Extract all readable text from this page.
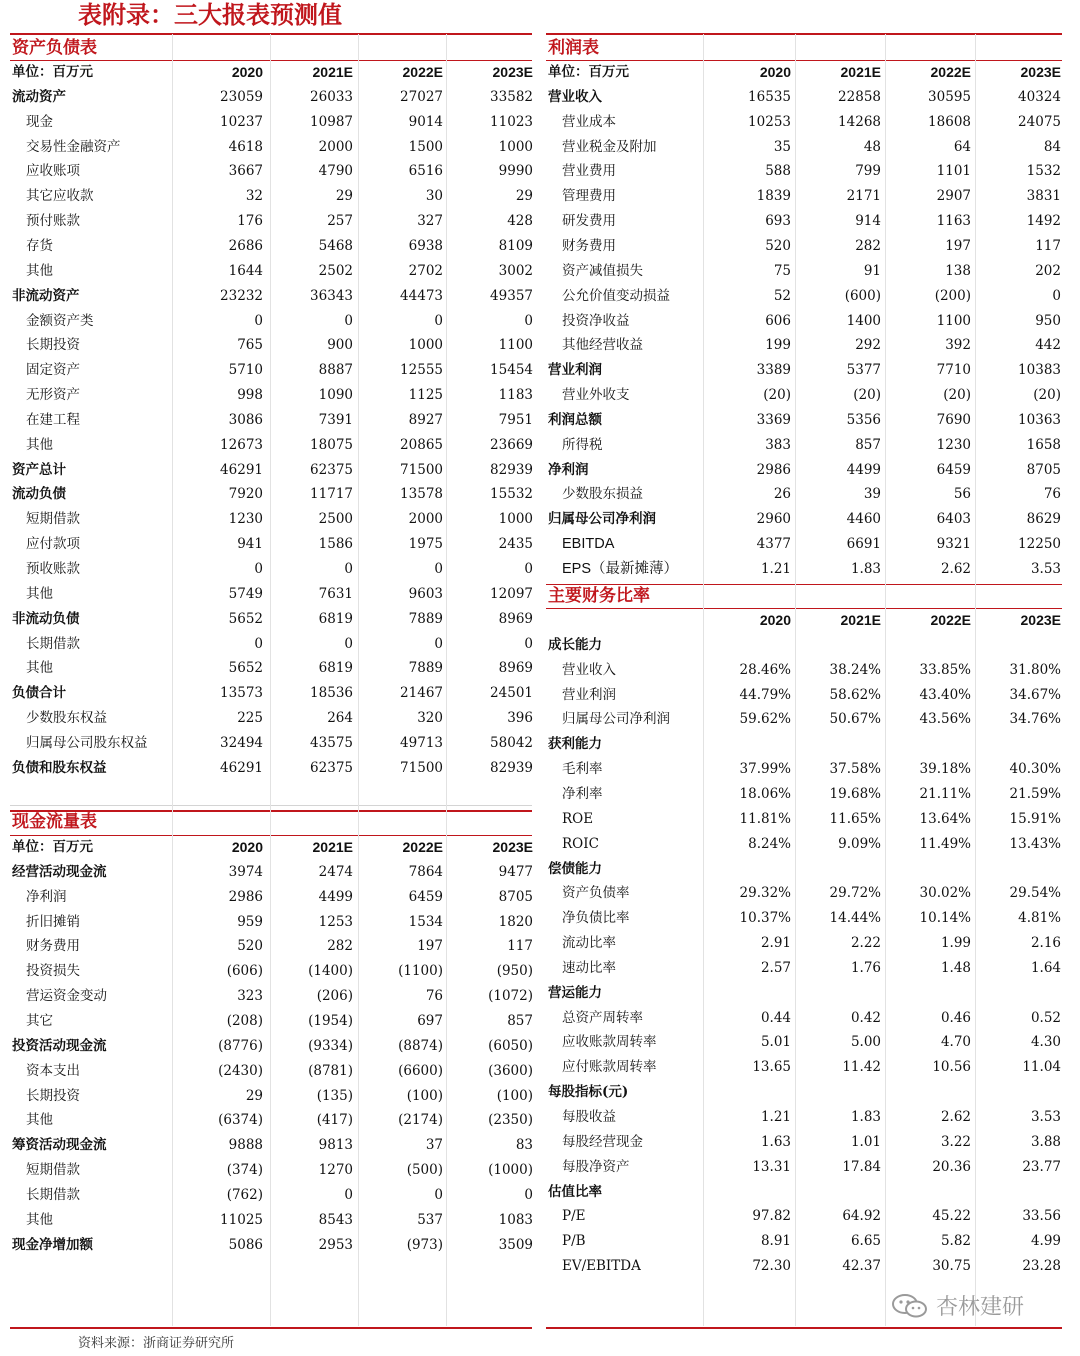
表附录：三大报表预测值
资产负债表
现金流量表
利润表
主要财务比率
单位：百万元	2020	2021E	2022E	2023E
流动资产	23059	26033	27027	33582
现金	10237	10987	9014	11023
交易性金融资产	4618	2000	1500	1000
应收账项	3667	4790	6516	9990
其它应收款	32	29	30	29
预付账款	176	257	327	428
存货	2686	5468	6938	8109
其他	1644	2502	2702	3002
非流动资产	23232	36343	44473	49357
金额资产类	0	0	0	0
长期投资	765	900	1000	1100
固定资产	5710	8887	12555	15454
无形资产	998	1090	1125	1183
在建工程	3086	7391	8927	7951
其他	12673	18075	20865	23669
资产总计	46291	62375	71500	82939
流动负债	7920	11717	13578	15532
短期借款	1230	2500	2000	1000
应付款项	941	1586	1975	2435
预收账款	0	0	0	0
其他	5749	7631	9603	12097
非流动负债	5652	6819	7889	8969
长期借款	0	0	0	0
其他	5652	6819	7889	8969
负债合计	13573	18536	21467	24501
少数股东权益	225	264	320	396
归属母公司股东权益	32494	43575	49713	58042
负债和股东权益	46291	62375	71500	82939
单位：百万元	2020	2021E	2022E	2023E
经营活动现金流	3974	2474	7864	9477
净利润	2986	4499	6459	8705
折旧摊销	959	1253	1534	1820
财务费用	520	282	197	117
投资损失	(606)	(1400)	(1100)	(950)
营运资金变动	323	(206)	76	(1072)
其它	(208)	(1954)	697	857
投资活动现金流	(8776)	(9334)	(8874)	(6050)
资本支出	(2430)	(8781)	(6600)	(3600)
长期投资	29	(135)	(100)	(100)
其他	(6374)	(417)	(2174)	(2350)
筹资活动现金流	9888	9813	37	83
短期借款	(374)	1270	(500)	(1000)
长期借款	(762)	0	0	0
其他	11025	8543	537	1083
现金净增加额	5086	2953	(973)	3509
单位：百万元	2020	2021E	2022E	2023E
营业收入	16535	22858	30595	40324
营业成本	10253	14268	18608	24075
营业税金及附加	35	48	64	84
营业费用	588	799	1101	1532
管理费用	1839	2171	2907	3831
研发费用	693	914	1163	1492
财务费用	520	282	197	117
资产减值损失	75	91	138	202
公允价值变动损益	52	(600)	(200)	0
投资净收益	606	1400	1100	950
其他经营收益	199	292	392	442
营业利润	3389	5377	7710	10383
营业外收支	(20)	(20)	(20)	(20)
利润总额	3369	5356	7690	10363
所得税	383	857	1230	1658
净利润	2986	4499	6459	8705
少数股东损益	26	39	56	76
归属母公司净利润	2960	4460	6403	8629
EBITDA	4377	6691	9321	12250
EPS（最新摊薄）	1.21	1.83	2.62	3.53
2020	2021E	2022E	2023E
成长能力
营业收入	28.46%	38.24%	33.85%	31.80%
营业利润	44.79%	58.62%	43.40%	34.67%
归属母公司净利润	59.62%	50.67%	43.56%	34.76%
获利能力
毛利率	37.99%	37.58%	39.18%	40.30%
净利率	18.06%	19.68%	21.11%	21.59%
ROE	11.81%	11.65%	13.64%	15.91%
ROIC	8.24%	9.09%	11.49%	13.43%
偿债能力
资产负债率	29.32%	29.72%	30.02%	29.54%
净负债比率	10.37%	14.44%	10.14%	4.81%
流动比率	2.91	2.22	1.99	2.16
速动比率	2.57	1.76	1.48	1.64
营运能力
总资产周转率	0.44	0.42	0.46	0.52
应收账款周转率	5.01	5.00	4.70	4.30
应付账款周转率	13.65	11.42	10.56	11.04
每股指标(元)
每股收益	1.21	1.83	2.62	3.53
每股经营现金	1.63	1.01	3.22	3.88
每股净资产	13.31	17.84	20.36	23.77
估值比率
P/E	97.82	64.92	45.22	33.56
P/B	8.91	6.65	5.82	4.99
EV/EBITDA	72.30	42.37	30.75	23.28
资料来源：浙商证券研究所
杏林建研
